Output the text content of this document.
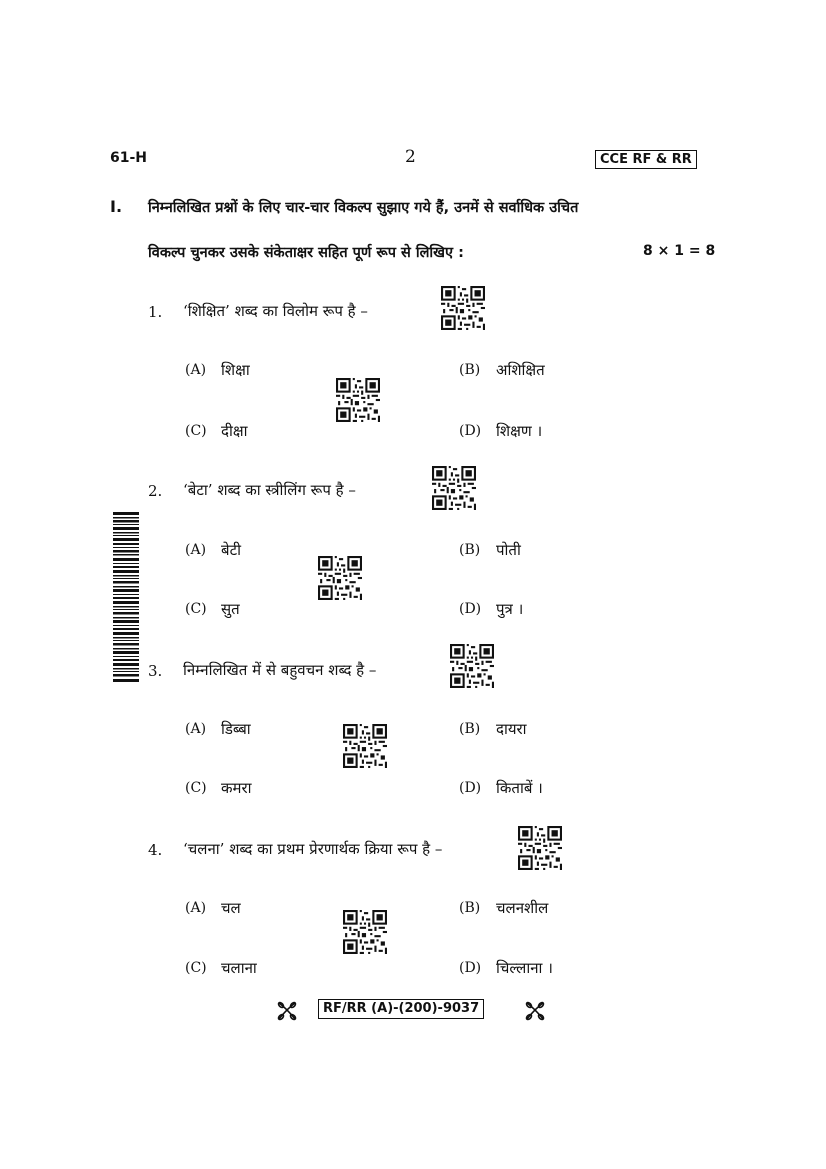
61-H	2	CCE RF & RR
I. निम्नलिखित प्रश्नों के लिए चार-चार विकल्प सुझाए गये हैं, उनमें से सर्वाधिक उचित
विकल्प चुनकर उसके संकेताक्षर सहित पूर्ण रूप से लिखिए :	8 × 1 = 8
1. ‘शिक्षित’ शब्द का विलोम रूप है –
(A) शिक्षा	(B) अशिक्षित
(C) दीक्षा	(D) शिक्षण ।
2. ‘बेटा’ शब्द का स्त्रीलिंग रूप है –
(A) बेटी	(B) पोती
(C) सुत	(D) पुत्र ।
3. निम्नलिखित में से बहुवचन शब्द है –
(A) डिब्बा	(B) दायरा
(C) कमरा	(D) किताबें ।
4. ‘चलना’ शब्द का प्रथम प्रेरणार्थक क्रिया रूप है –
(A) चल	(B) चलनशील
(C) चलाना	(D) चिल्लाना ।
RF/RR (A)-(200)-9037
